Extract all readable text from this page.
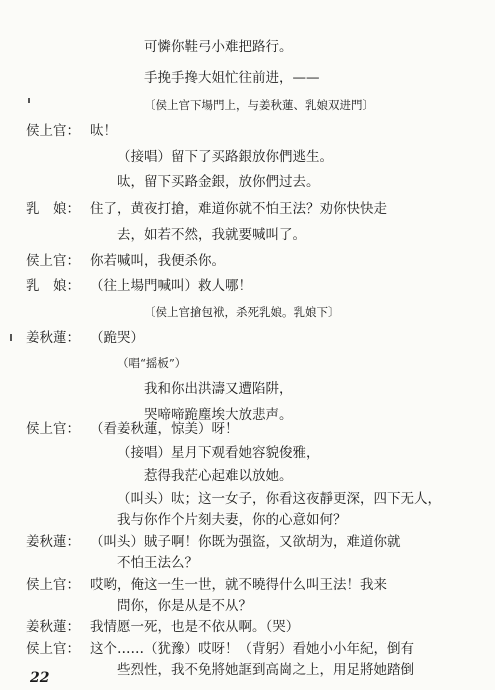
可憐你鞋弓小难把路行。
手挽手搀大姐忙往前进，——
〔侯上官下場門上，与姜秋蓮、乳娘双进門〕
侯上官： 呔！
（接唱）留下了买路銀放你們逃生。
呔，留下买路金銀，放你們过去。
乳　娘： 住了，黄夜打搶，难道你就不怕王法？劝你快快走
去，如若不然，我就要喊叫了。
侯上官： 你若喊叫，我便杀你。
乳　娘： （往上場門喊叫）救人哪！
〔侯上官搶包袱，杀死乳娘。乳娘下〕
姜秋蓮： （跪哭）
（唱“摇板”）
我和你出洪濤又遭陷阱，
哭啼啼跪塵埃大放悲声。
侯上官： （看姜秋蓮，惊美）呀！
（接唱）星月下观看她容貌俊雅，
惹得我茫心起难以放她。
22
（叫头）呔；这一女子，你看这夜靜更深，四下无人，
我与你作个片刻夫妻，你的心意如何？
姜秋蓮： （叫头）賊子啊！你既为强盜，又欲胡为，难道你就
不怕王法么？
侯上官： 哎哟，俺这一生一世，就不曉得什么叫王法！我来
問你，你是从是不从？
姜秋蓮： 我情愿一死，也是不依从啊。（哭）
侯上官： 这个……（犹豫）哎呀！（背躬）看她小小年紀，倒有
些烈性，我不免將她誆到高崗之上，用足將她踏倒
